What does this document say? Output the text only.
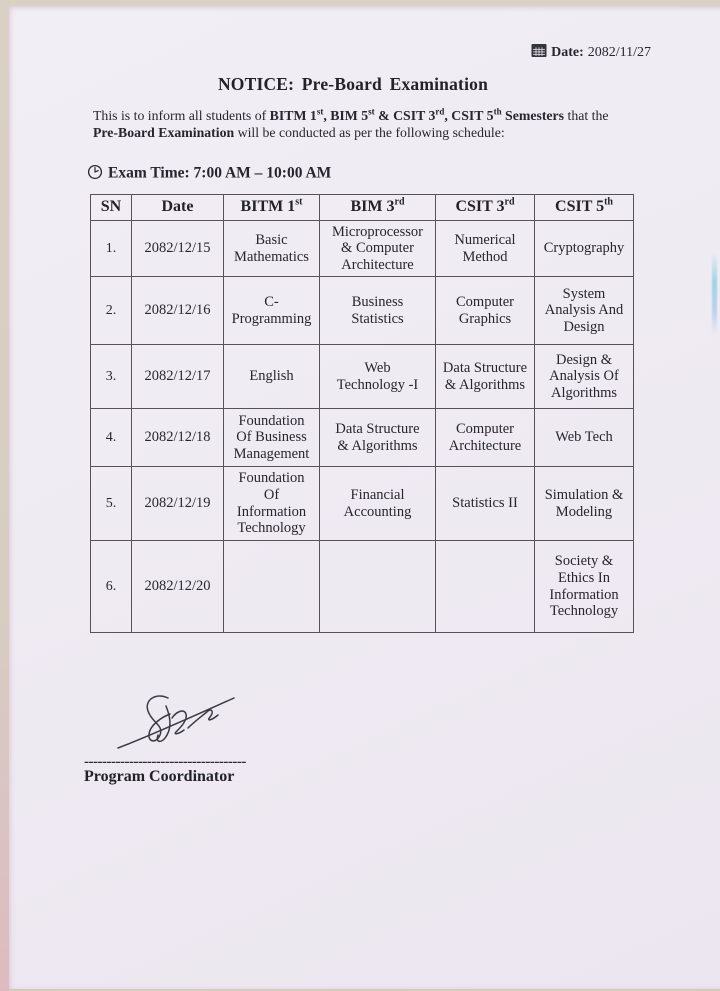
Date: 2082/11/27
NOTICE: Pre-Board Examination

This is to inform all students of BITM 1st, BIM 5st & CSIT 3rd, CSIT 5th Semesters that the
Pre-Board Examination will be conducted as per the following schedule:

Exam Time: 7:00 AM – 10:00 AM
SN	Date	BITM 1st	BIM 3rd	CSIT 3rd	CSIT 5th
1.	2082/12/15	Basic Mathematics	Microprocessor & Computer Architecture	Numerical Method	Cryptography
2.	2082/12/16	C-Programming	Business Statistics	Computer Graphics	System Analysis And Design
3.	2082/12/17	English	Web Technology -I	Data Structure & Algorithms	Design & Analysis Of Algorithms
4.	2082/12/18	Foundation Of Business Management	Data Structure & Algorithms	Computer Architecture	Web Tech
5.	2082/12/19	Foundation Of Information Technology	Financial Accounting	Statistics II	Simulation & Modeling
6.	2082/12/20				Society & Ethics In Information Technology
------------------------------------
Program Coordinator
